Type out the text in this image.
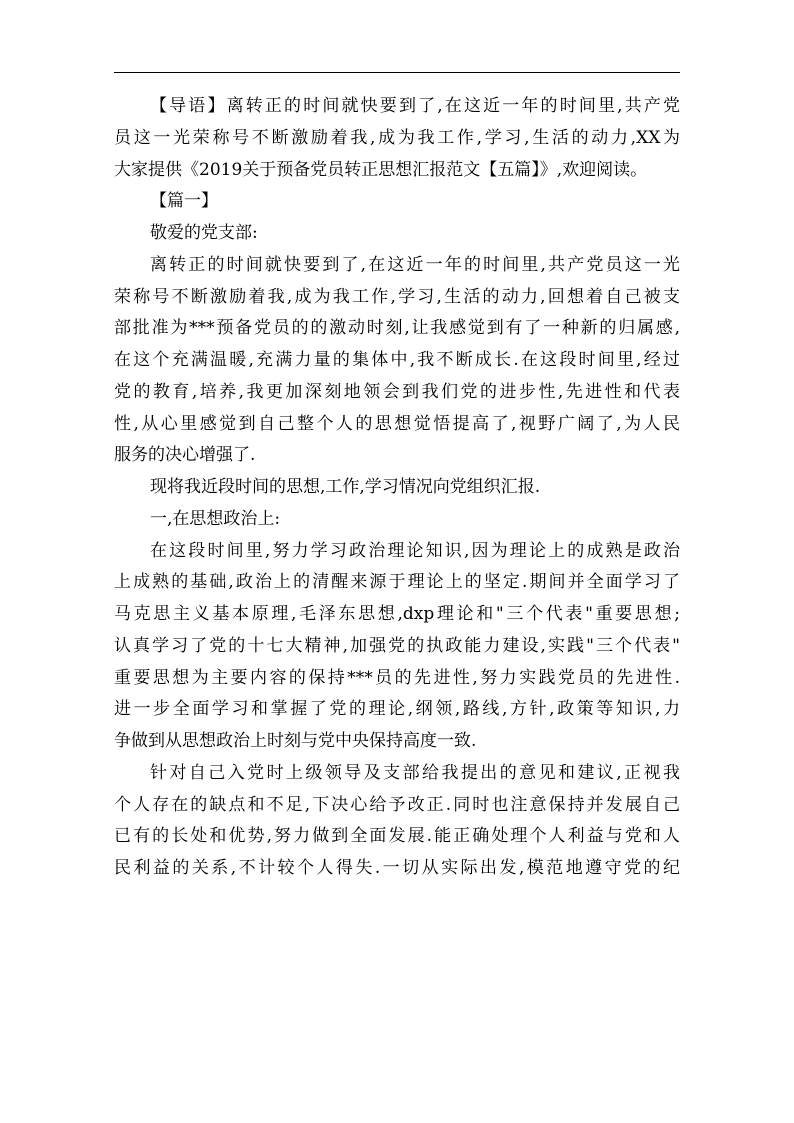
【导语】离转正的时间就快要到了,在这近一年的时间里,共产党
员这一光荣称号不断激励着我,成为我工作,学习,生活的动力,XX为
大家提供《2019关于预备党员转正思想汇报范文【五篇】》,欢迎阅读。
【篇一】
敬爱的党支部:
离转正的时间就快要到了,在这近一年的时间里,共产党员这一光
荣称号不断激励着我,成为我工作,学习,生活的动力,回想着自己被支
部批准为***预备党员的的激动时刻,让我感觉到有了一种新的归属感,
在这个充满温暖,充满力量的集体中,我不断成长.在这段时间里,经过
党的教育,培养,我更加深刻地领会到我们党的进步性,先进性和代表
性,从心里感觉到自己整个人的思想觉悟提高了,视野广阔了,为人民
服务的决心增强了.
现将我近段时间的思想,工作,学习情况向党组织汇报.
一,在思想政治上:
在这段时间里,努力学习政治理论知识,因为理论上的成熟是政治
上成熟的基础,政治上的清醒来源于理论上的坚定.期间并全面学习了
马克思主义基本原理,毛泽东思想,dxp理论和"三个代表"重要思想;
认真学习了党的十七大精神,加强党的执政能力建设,实践"三个代表"
重要思想为主要内容的保持***员的先进性,努力实践党员的先进性.
进一步全面学习和掌握了党的理论,纲领,路线,方针,政策等知识,力
争做到从思想政治上时刻与党中央保持高度一致.
针对自己入党时上级领导及支部给我提出的意见和建议,正视我
个人存在的缺点和不足,下决心给予改正.同时也注意保持并发展自己
已有的长处和优势,努力做到全面发展.能正确处理个人利益与党和人
民利益的关系,不计较个人得失.一切从实际出发,模范地遵守党的纪
